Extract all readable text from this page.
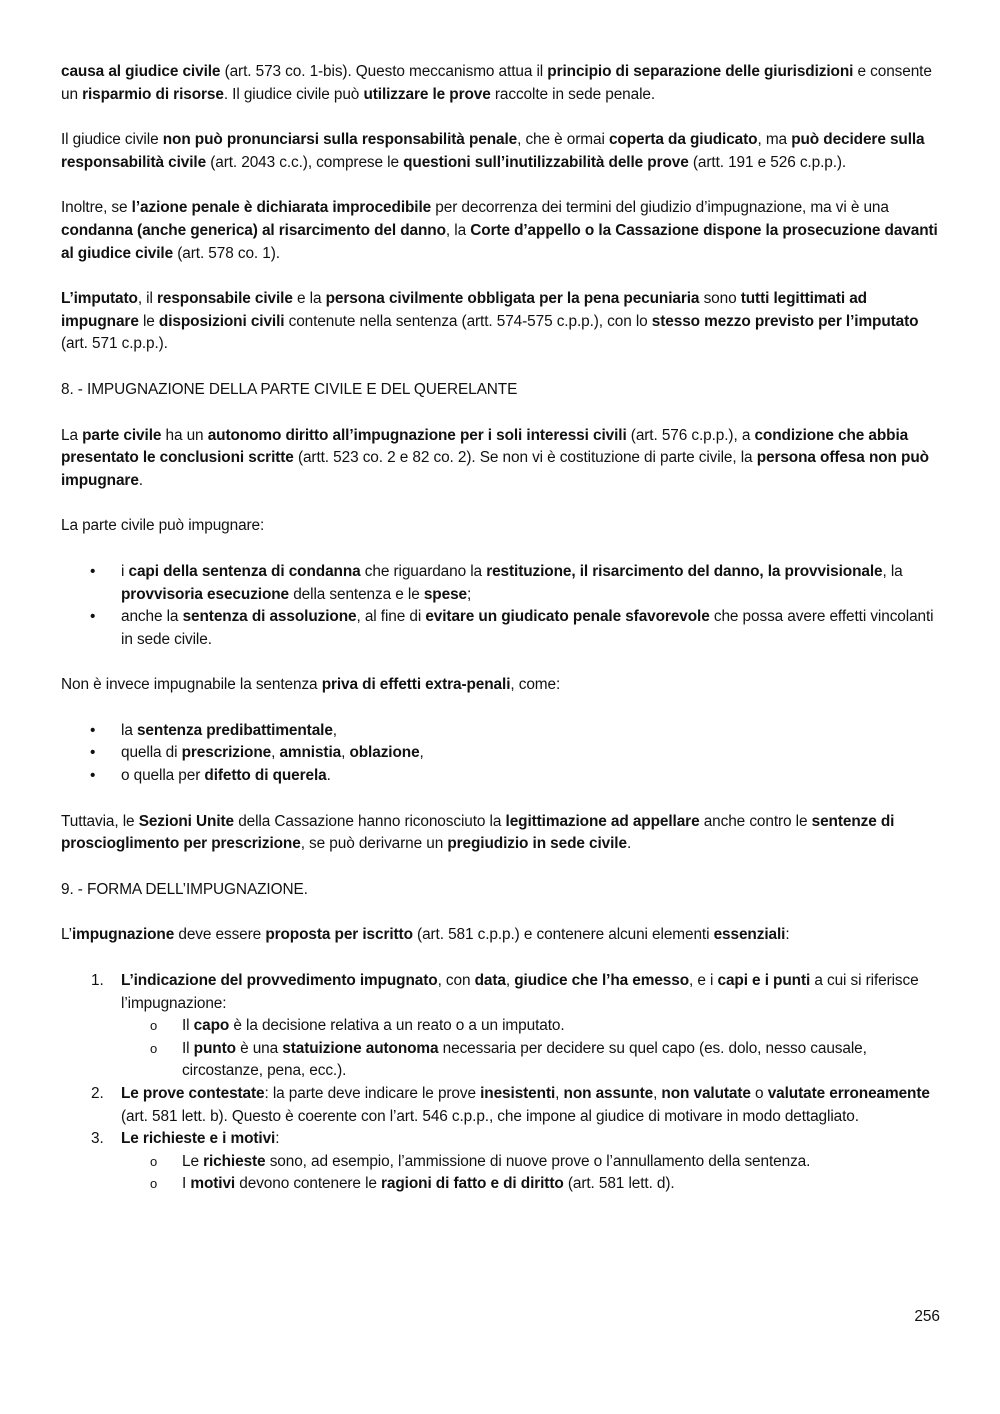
causa al giudice civile (art. 573 co. 1-bis). Questo meccanismo attua il principio di separazione delle giurisdizioni e consente un risparmio di risorse. Il giudice civile può utilizzare le prove raccolte in sede penale.

Il giudice civile non può pronunciarsi sulla responsabilità penale, che è ormai coperta da giudicato, ma può decidere sulla responsabilità civile (art. 2043 c.c.), comprese le questioni sull’inutilizzabilità delle prove (artt. 191 e 526 c.p.p.).

Inoltre, se l’azione penale è dichiarata improcedibile per decorrenza dei termini del giudizio d’impugnazione, ma vi è una condanna (anche generica) al risarcimento del danno, la Corte d’appello o la Cassazione dispone la prosecuzione davanti al giudice civile (art. 578 co. 1).

L’imputato, il responsabile civile e la persona civilmente obbligata per la pena pecuniaria sono tutti legittimati ad impugnare le disposizioni civili contenute nella sentenza (artt. 574-575 c.p.p.), con lo stesso mezzo previsto per l’imputato (art. 571 c.p.p.).

8. - IMPUGNAZIONE DELLA PARTE CIVILE E DEL QUERELANTE

La parte civile ha un autonomo diritto all’impugnazione per i soli interessi civili (art. 576 c.p.p.), a condizione che abbia presentato le conclusioni scritte (artt. 523 co. 2 e 82 co. 2). Se non vi è costituzione di parte civile, la persona offesa non può impugnare.

La parte civile può impugnare:

• i capi della sentenza di condanna che riguardano la restituzione, il risarcimento del danno, la provvisionale, la provvisoria esecuzione della sentenza e le spese;
• anche la sentenza di assoluzione, al fine di evitare un giudicato penale sfavorevole che possa avere effetti vincolanti in sede civile.

Non è invece impugnabile la sentenza priva di effetti extra-penali, come:

• la sentenza predibattimentale,
• quella di prescrizione, amnistia, oblazione,
• o quella per difetto di querela.

Tuttavia, le Sezioni Unite della Cassazione hanno riconosciuto la legittimazione ad appellare anche contro le sentenze di proscioglimento per prescrizione, se può derivarne un pregiudizio in sede civile.

9. - FORMA DELL’IMPUGNAZIONE.

L’impugnazione deve essere proposta per iscritto (art. 581 c.p.p.) e contenere alcuni elementi essenziali:

1. L’indicazione del provvedimento impugnato, con data, giudice che l’ha emesso, e i capi e i punti a cui si riferisce l’impugnazione:
o Il capo è la decisione relativa a un reato o a un imputato.
o Il punto è una statuizione autonoma necessaria per decidere su quel capo (es. dolo, nesso causale, circostanze, pena, ecc.).
2. Le prove contestate: la parte deve indicare le prove inesistenti, non assunte, non valutate o valutate erroneamente (art. 581 lett. b). Questo è coerente con l’art. 546 c.p.p., che impone al giudice di motivare in modo dettagliato.
3. Le richieste e i motivi:
o Le richieste sono, ad esempio, l’ammissione di nuove prove o l’annullamento della sentenza.
o I motivi devono contenere le ragioni di fatto e di diritto (art. 581 lett. d).
256
